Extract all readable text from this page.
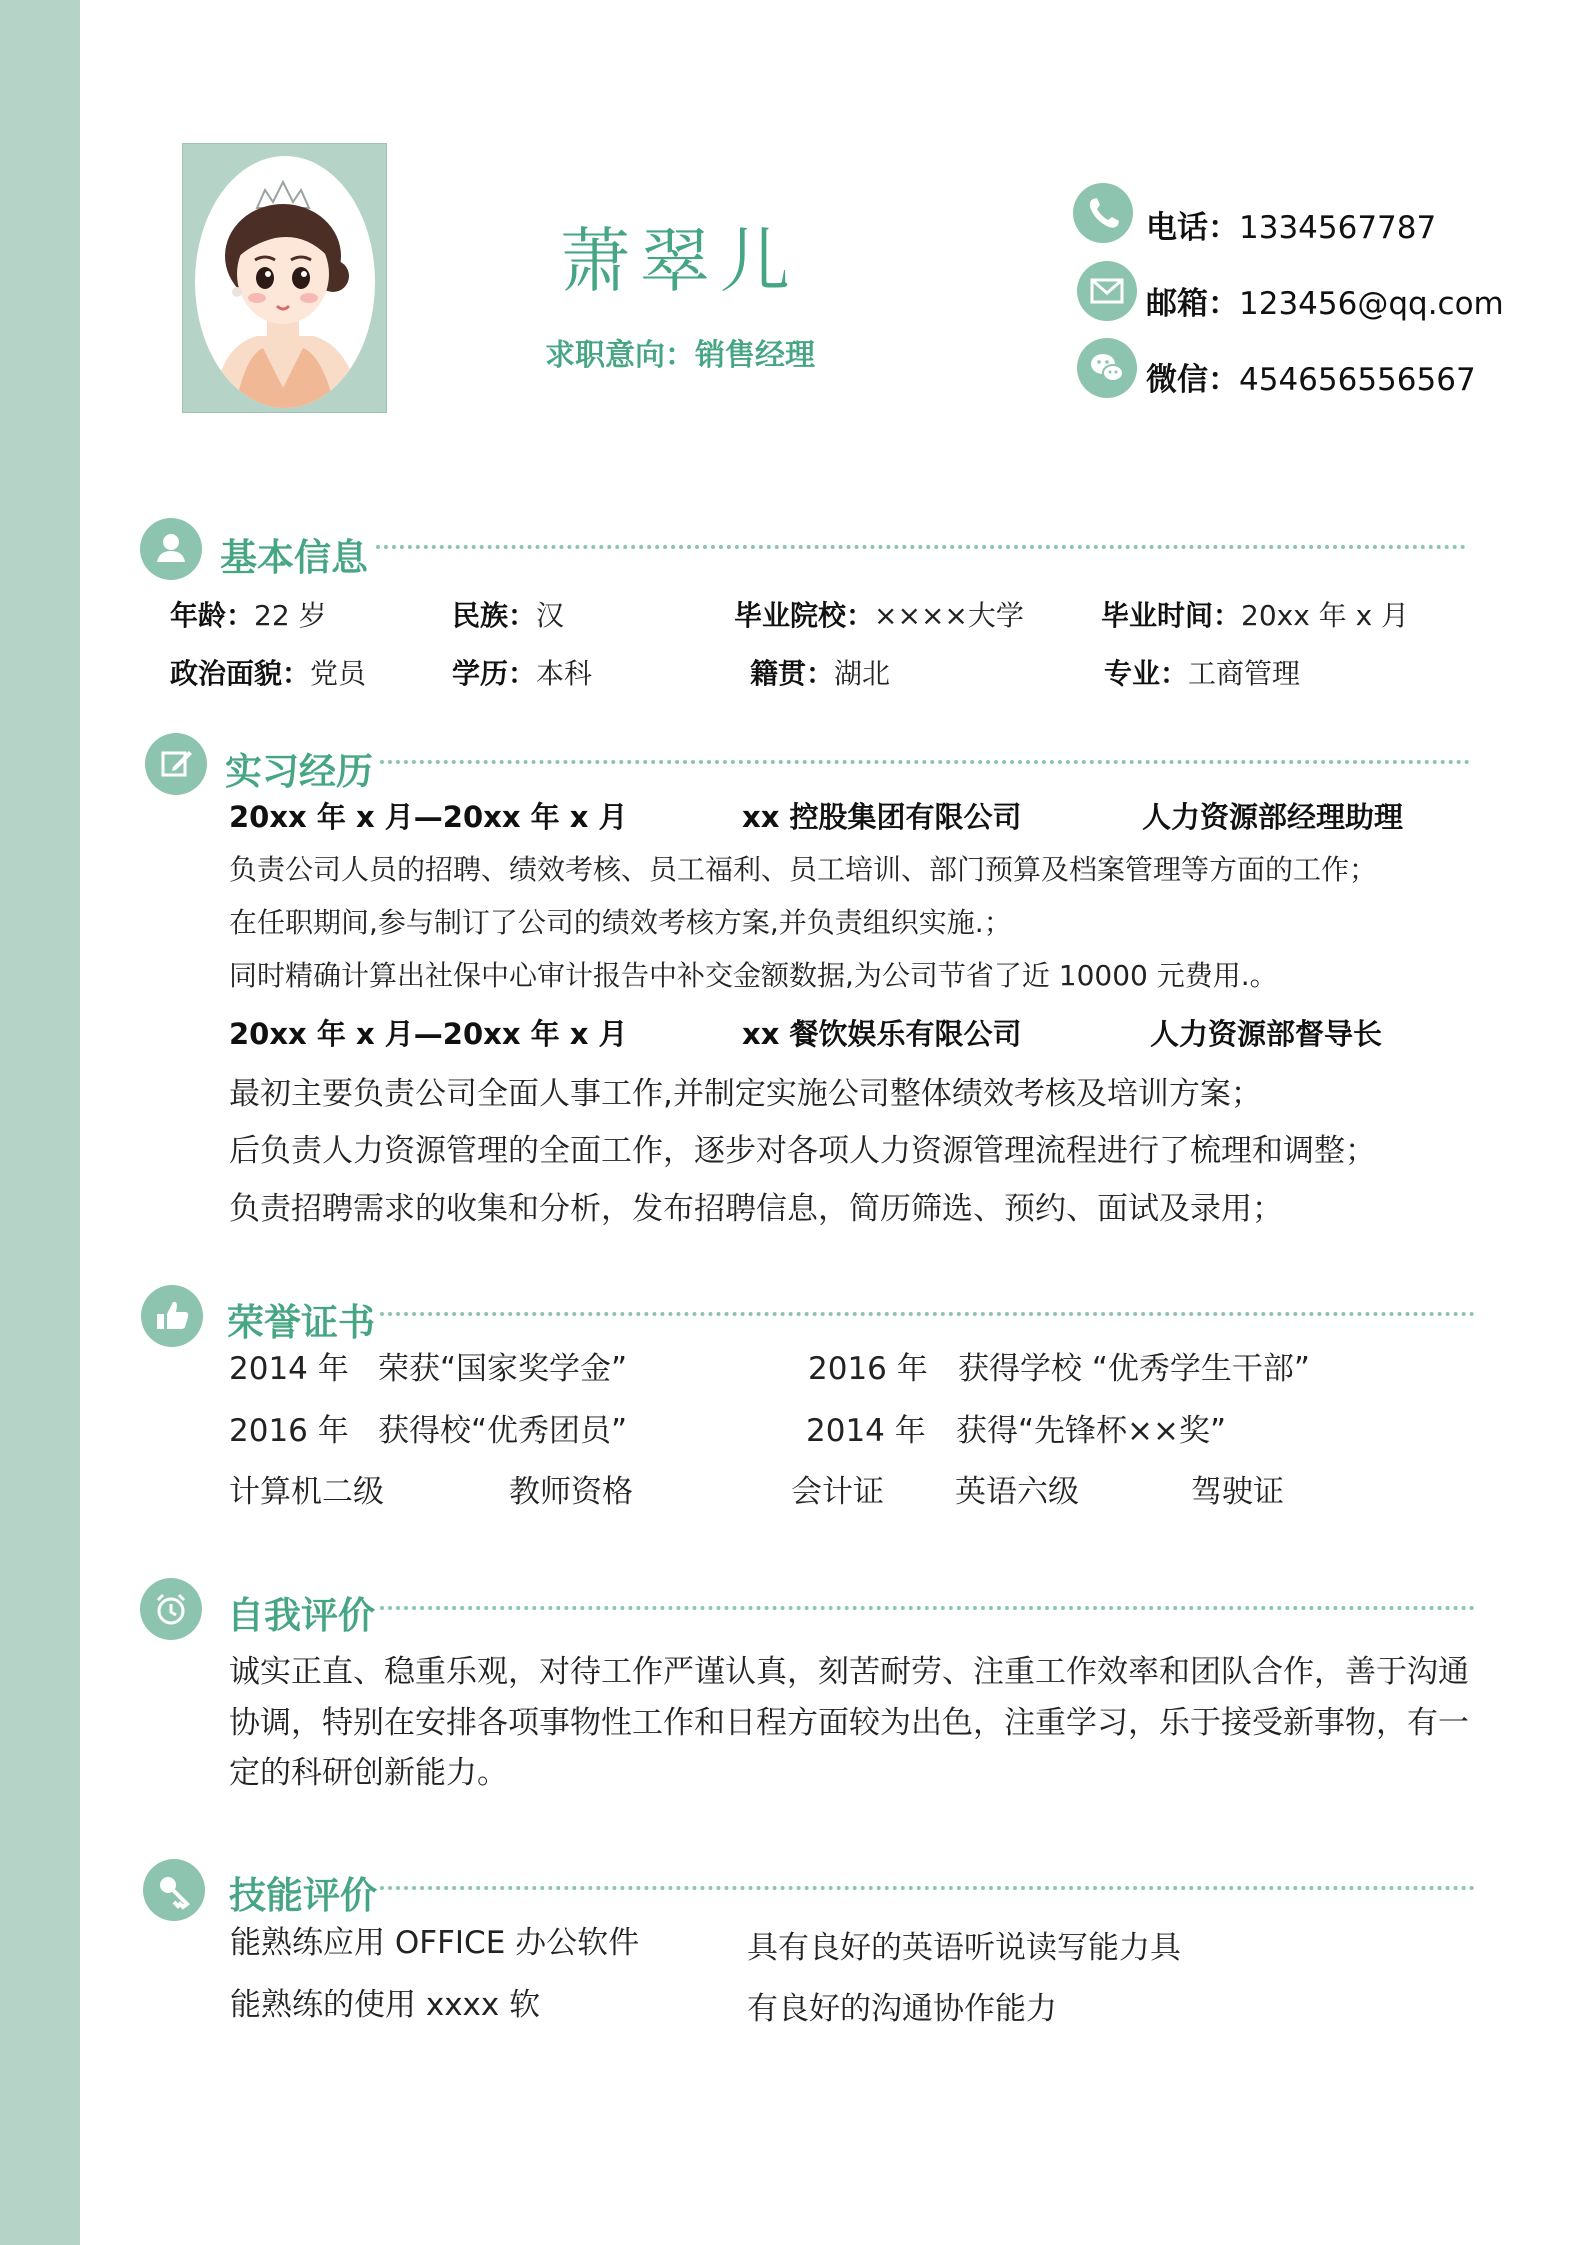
萧翠儿
求职意向：销售经理
电话：1334567787
邮箱：123456@qq.com
微信：454656556567
基本信息
年龄：22 岁	民族：汉	毕业院校：××××大学	毕业时间：20xx 年 x 月
政治面貌：党员	学历：本科	籍贯：湖北	专业：工商管理
实习经历
20xx 年 x 月—20xx 年 x 月	xx 控股集团有限公司	人力资源部经理助理
负责公司人员的招聘、绩效考核、员工福利、员工培训、部门预算及档案管理等方面的工作；
在任职期间,参与制订了公司的绩效考核方案,并负责组织实施.；
同时精确计算出社保中心审计报告中补交金额数据,为公司节省了近 10000 元费用.。
20xx 年 x 月—20xx 年 x 月	xx 餐饮娱乐有限公司	人力资源部督导长
最初主要负责公司全面人事工作,并制定实施公司整体绩效考核及培训方案；
后负责人力资源管理的全面工作，逐步对各项人力资源管理流程进行了梳理和调整；
负责招聘需求的收集和分析，发布招聘信息，简历筛选、预约、面试及录用；
荣誉证书
2014 年 荣获“国家奖学金”	2016 年 获得学校 “优秀学生干部”
2016 年 获得校“优秀团员”	2014 年 获得“先锋杯××奖”
计算机二级	教师资格	会计证 英语六级	驾驶证
自我评价
诚实正直、稳重乐观，对待工作严谨认真，刻苦耐劳、注重工作效率和团队合作，善于沟通
协调，特别在安排各项事物性工作和日程方面较为出色，注重学习，乐于接受新事物，有一
定的科研创新能力。
技能评价
能熟练应用 OFFICE 办公软件	具有良好的英语听说读写能力具
能熟练的使用 xxxx 软	有良好的沟通协作能力
